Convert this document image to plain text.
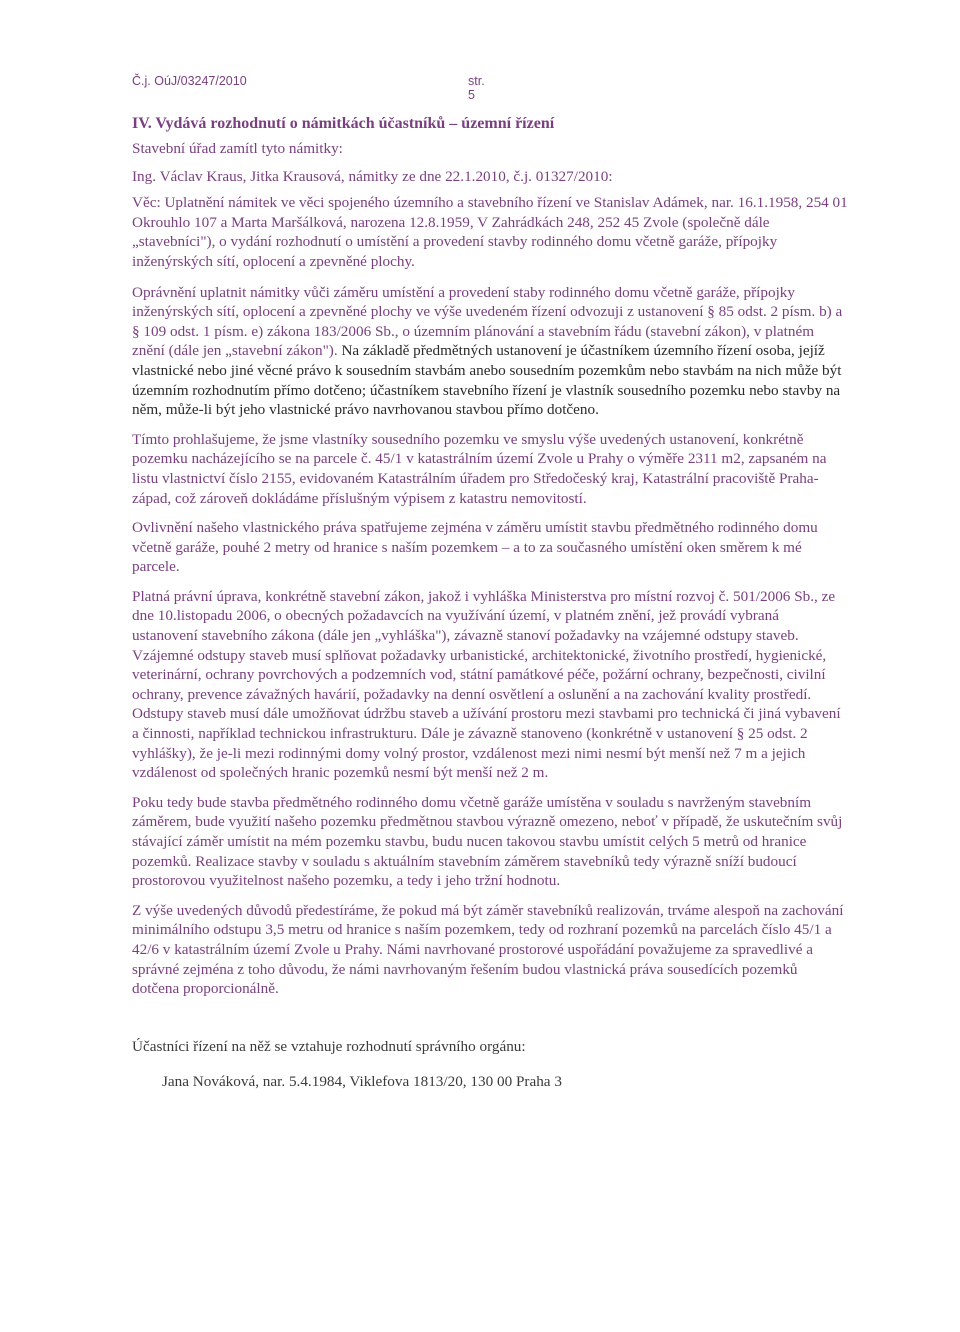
Č.j. OúJ/03247/2010	str. 5
IV. Vydává rozhodnutí o námitkách účastníků – územní řízení

Stavební úřad zamítl tyto námitky:

Ing. Václav Kraus, Jitka Krausová, námitky ze dne 22.1.2010, č.j. 01327/2010:

Věc: Uplatnění námitek ve věci spojeného územního a stavebního řízení ve Stanislav Adámek, nar. 16.1.1958, 254 01 Okrouhlo 107 a Marta Maršálková, narozena 12.8.1959, V Zahrádkách 248, 252 45 Zvole (společně dále „stavebníci"), o vydání rozhodnutí o umístění a provedení stavby rodinného domu včetně garáže, přípojky inženýrských sítí, oplocení a zpevněné plochy.

Oprávnění uplatnit námitky vůči záměru umístění a provedení staby rodinného domu včetně garáže, přípojky inženýrských sítí, oplocení a zpevněné plochy ve výše uvedeném řízení odvozuji z ustanovení § 85 odst. 2 písm. b) a § 109 odst. 1 písm. e) zákona 183/2006 Sb., o územním plánování a stavebním řádu (stavební zákon), v platném znění (dále jen „stavební zákon"). Na základě předmětných ustanovení je účastníkem územního řízení osoba, jejíž vlastnické nebo jiné věcné právo k sousedním stavbám anebo sousedním pozemkům nebo stavbám na nich může být územním rozhodnutím přímo dotčeno; účastníkem stavebního řízení je vlastník sousedního pozemku nebo stavby na něm, může-li být jeho vlastnické právo navrhovanou stavbou přímo dotčeno.

Tímto prohlašujeme, že jsme vlastníky sousedního pozemku ve smyslu výše uvedených ustanovení, konkrétně pozemku nacházejícího se na parcele č. 45/1 v katastrálním území Zvole u Prahy o výměře 2311 m2, zapsaném na listu vlastnictví číslo 2155, evidovaném Katastrálním úřadem pro Středočeský kraj, Katastrální pracoviště Praha-západ, což zároveň dokládáme příslušným výpisem z katastru nemovitostí.

Ovlivnění našeho vlastnického práva spatřujeme zejména v záměru umístit stavbu předmětného rodinného domu včetně garáže, pouhé 2 metry od hranice s naším pozemkem – a to za současného umístění oken směrem k mé parcele.

Platná právní úprava, konkrétně stavební zákon, jakož i vyhláška Ministerstva pro místní rozvoj č. 501/2006 Sb., ze dne 10.listopadu 2006, o obecných požadavcích na využívání území, v platném znění, jež provádí vybraná ustanovení stavebního zákona (dále jen „vyhláška"), závazně stanoví požadavky na vzájemné odstupy staveb. Vzájemné odstupy staveb musí splňovat požadavky urbanistické, architektonické, životního prostředí, hygienické, veterinární, ochrany povrchových a podzemních vod, státní památkové péče, požární ochrany, bezpečnosti, civilní ochrany, prevence závažných havárií, požadavky na denní osvětlení a oslunění a na zachování kvality prostředí. Odstupy staveb musí dále umožňovat údržbu staveb a užívání prostoru mezi stavbami pro technická či jiná vybavení a činnosti, například technickou infrastrukturu. Dále je závazně stanoveno (konkrétně v ustanovení § 25 odst. 2 vyhlášky), že je-li mezi rodinnými domy volný prostor, vzdálenost mezi nimi nesmí být menší než 7 m a jejich vzdálenost od společných hranic pozemků nesmí být menší než 2 m.

Poku tedy bude stavba předmětného rodinného domu včetně garáže umístěna v souladu s navrženým stavebním záměrem, bude využití našeho pozemku předmětnou stavbou výrazně omezeno, neboť v případě, že uskutečním svůj stávající záměr umístit na mém pozemku stavbu, budu nucen takovou stavbu umístit celých 5 metrů od hranice pozemků. Realizace stavby v souladu s aktuálním stavebním záměrem stavebníků tedy výrazně sníží budoucí prostorovou využitelnost našeho pozemku, a tedy i jeho tržní hodnotu.

Z výše uvedených důvodů předestíráme, že pokud má být záměr stavebníků realizován, trváme alespoň na zachování minimálního odstupu 3,5 metru od hranice s naším pozemkem, tedy od rozhraní pozemků na parcelách číslo 45/1 a 42/6 v katastrálním území Zvole u Prahy. Námi navrhované prostorové uspořádání považujeme za spravedlivé a správné zejména z toho důvodu, že námi navrhovaným řešením budou vlastnická práva sousedících pozemků dotčena proporcionálně.

Účastníci řízení na něž se vztahuje rozhodnutí správního orgánu:

Jana Nováková, nar. 5.4.1984, Viklefova 1813/20, 130 00 Praha 3
